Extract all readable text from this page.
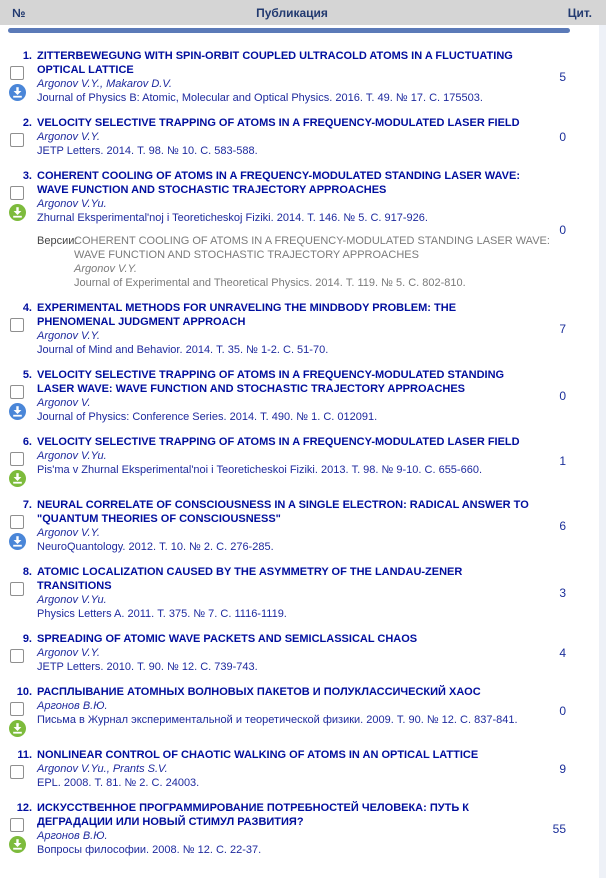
№	Публикация	Цит.
1. ZITTERBEWEGUNG WITH SPIN-ORBIT COUPLED ULTRACOLD ATOMS IN A FLUCTUATING OPTICAL LATTICE
Argonov V.Y., Makarov D.V.
Journal of Physics B: Atomic, Molecular and Optical Physics. 2016. Т. 49. № 17. С. 175503.
5
2. VELOCITY SELECTIVE TRAPPING OF ATOMS IN A FREQUENCY-MODULATED LASER FIELD
Argonov V.Y.
JETP Letters. 2014. Т. 98. № 10. С. 583-588.
0
3. COHERENT COOLING OF ATOMS IN A FREQUENCY-MODULATED STANDING LASER WAVE: WAVE FUNCTION AND STOCHASTIC TRAJECTORY APPROACHES
Argonov V.Yu.
Zhurnal Eksperimental'noj i Teoreticheskoj Fiziki. 2014. Т. 146. № 5. С. 917-926.
Версии:
COHERENT COOLING OF ATOMS IN A FREQUENCY-MODULATED STANDING LASER WAVE: WAVE FUNCTION AND STOCHASTIC TRAJECTORY APPROACHES
Argonov V.Y.
Journal of Experimental and Theoretical Physics. 2014. Т. 119. № 5. С. 802-810.
0
4. EXPERIMENTAL METHODS FOR UNRAVELING THE MINDBODY PROBLEM: THE PHENOMENAL JUDGMENT APPROACH
Argonov V.Y.
Journal of Mind and Behavior. 2014. Т. 35. № 1-2. С. 51-70.
7
5. VELOCITY SELECTIVE TRAPPING OF ATOMS IN A FREQUENCY-MODULATED STANDING LASER WAVE: WAVE FUNCTION AND STOCHASTIC TRAJECTORY APPROACHES
Argonov V.
Journal of Physics: Conference Series. 2014. Т. 490. № 1. С. 012091.
0
6. VELOCITY SELECTIVE TRAPPING OF ATOMS IN A FREQUENCY-MODULATED LASER FIELD
Argonov V.Yu.
Pis'ma v Zhurnal Eksperimental'noi i Teoreticheskoi Fiziki. 2013. Т. 98. № 9-10. С. 655-660.
1
7. NEURAL CORRELATE OF CONSCIOUSNESS IN A SINGLE ELECTRON: RADICAL ANSWER TO "QUANTUM THEORIES OF CONSCIOUSNESS"
Argonov V.Y.
NeuroQuantology. 2012. Т. 10. № 2. С. 276-285.
6
8. ATOMIC LOCALIZATION CAUSED BY THE ASYMMETRY OF THE LANDAU-ZENER TRANSITIONS
Argonov V.Yu.
Physics Letters A. 2011. Т. 375. № 7. С. 1116-1119.
3
9. SPREADING OF ATOMIC WAVE PACKETS AND SEMICLASSICAL CHAOS
Argonov V.Y.
JETP Letters. 2010. Т. 90. № 12. С. 739-743.
4
10. РАСПЛЫВАНИЕ АТОМНЫХ ВОЛНОВЫХ ПАКЕТОВ И ПОЛУКЛАССИЧЕСКИЙ ХАОС
Аргонов В.Ю.
Письма в Журнал экспериментальной и теоретической физики. 2009. Т. 90. № 12. С. 837-841.
0
11. NONLINEAR CONTROL OF CHAOTIC WALKING OF ATOMS IN AN OPTICAL LATTICE
Argonov V.Yu., Prants S.V.
EPL. 2008. Т. 81. № 2. С. 24003.
9
12. ИСКУССТВЕННОЕ ПРОГРАММИРОВАНИЕ ПОТРЕБНОСТЕЙ ЧЕЛОВЕКА: ПУТЬ К ДЕГРАДАЦИИ ИЛИ НОВЫЙ СТИМУЛ РАЗВИТИЯ?
Аргонов В.Ю.
Вопросы философии. 2008. № 12. С. 22-37.
55
